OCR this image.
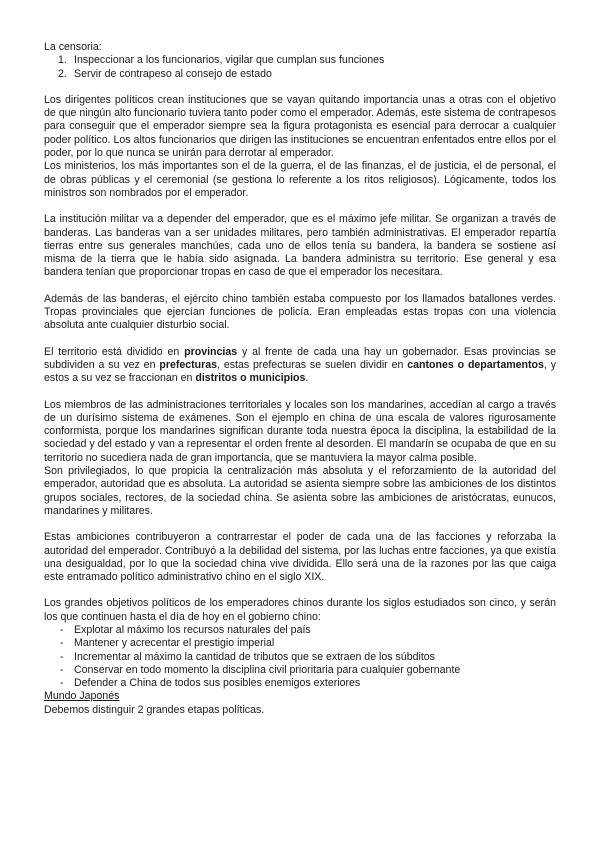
La censoria:

1. Inspeccionar a los funcionarios, vigilar que cumplan sus funciones
2. Servir de contrapeso al consejo de estado

Los dirigentes políticos crean instituciones que se vayan quitando importancia unas a otras con el objetivo de que ningún alto funcionario tuviera tanto poder como el emperador. Además, este sistema de contrapesos para conseguir que el emperador siempre sea la figura protagonista es esencial para derrocar a cualquier poder político. Los altos funcionarios que dirigen las instituciones se encuentran enfentados entre ellos por el poder, por lo que nunca se unirán para derrotar al emperador.

Los ministerios, los más importantes son el de la guerra, el de las finanzas, el de justicia, el de personal, el de obras públicas y el ceremonial (se gestiona lo referente a los ritos religiosos). Lógicamente, todos los ministros son nombrados por el emperador.

La institución militar va a depender del emperador, que es el máximo jefe militar. Se organizan a través de banderas. Las banderas van a ser unidades militares, pero también administrativas. El emperador repartía tierras entre sus generales manchúes, cada uno de ellos tenía su bandera, la bandera se sostiene así misma de la tierra que le había sido asignada. La bandera administra su territorio. Ese general y esa bandera tenían que proporcionar tropas en caso de que el emperador los necesitara.

Además de las banderas, el ejército chino también estaba compuesto por los llamados batallones verdes. Tropas provinciales que ejercían funciones de policía. Eran empleadas estas tropas con una violencia absoluta ante cualquier disturbio social.

El territorio está dividido en provincias y al frente de cada una hay un gobernador. Esas provincias se subdividen a su vez en prefecturas, estas prefecturas se suelen dividir en cantones o departamentos, y estos a su vez se fraccionan en distritos o municipios.

Los miembros de las administraciones territoriales y locales son los mandarines, accedían al cargo a través de un durísimo sistema de exámenes. Son el ejemplo en china de una escala de valores rigurosamente conformista, porque los mandarines significan durante toda nuestra época la disciplina, la estabilidad de la sociedad y del estado y van a representar el orden frente al desorden. El mandarín se ocupaba de que en su territorio no sucediera nada de gran importancia, que se mantuviera la mayor calma posible.

Son privilegiados, lo que propicia la centralización más absoluta y el reforzamiento de la autoridad del emperador, autoridad que es absoluta. La autoridad se asienta siempre sobre las ambiciones de los distintos grupos sociales, rectores, de la sociedad china. Se asienta sobre las ambiciones de aristócratas, eunucos, mandarines y militares.

Estas ambiciones contribuyeron a contrarrestar el poder de cada una de las facciones y reforzaba la autoridad del emperador. Contribuyó a la debilidad del sistema, por las luchas entre facciones, ya que existía una desigualdad, por lo que la sociedad china vive dividida. Ello será una de la razones por las que caiga este entramado político administrativo chino en el siglo XIX.

Los grandes objetivos políticos de los emperadores chinos durante los siglos estudiados son cinco, y serán los que continuen hasta el día de hoy en el gobierno chino:

- Explotar al máximo los recursos naturales del país
- Mantener y acrecentar el prestigio imperial
- Incrementar al máximo la cantidad de tributos que se extraen de los súbditos
- Conservar en todo momento la disciplina civil prioritaria para cualquier gobernante
- Defender a China de todos sus posibles enemigos exteriores

Mundo Japonés

Debemos distinguir 2 grandes etapas políticas.
